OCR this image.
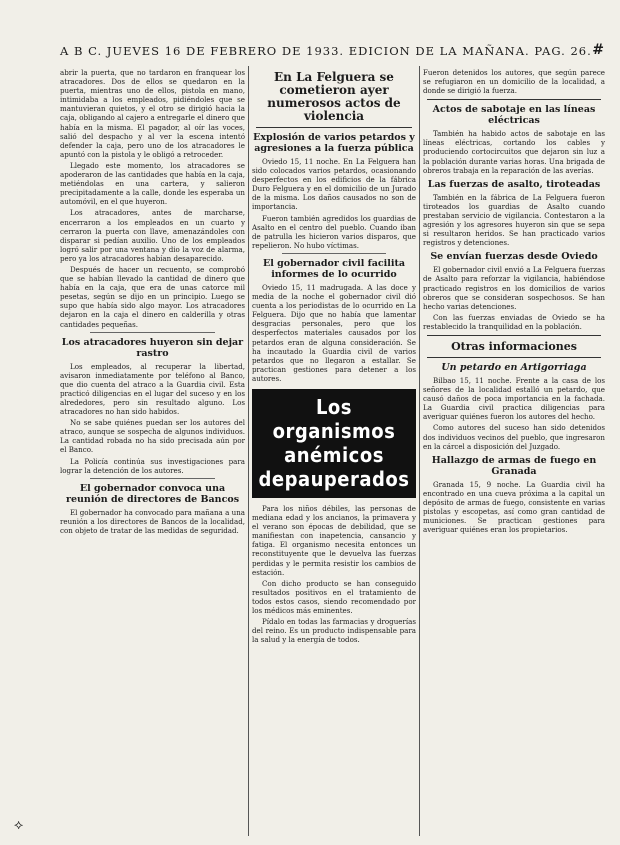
A B C. JUEVES 16 DE FEBRERO DE 1933. EDICION DE LA MAÑANA. PAG. 26. #

abrir la puerta, que no tardaron en franquear los atracadores. Dos de ellos se quedaron en la puerta, mientras uno de ellos, pistola en mano, intimidaba a los empleados, pidiéndoles que se mantuvieran quietos, y el otro se dirigió hacia la caja, obligando al cajero a entregarle el dinero que había en la misma. El pagador, al oír las voces, salió del despacho y al ver la escena intentó defender la caja, pero uno de los atracadores le apuntó con la pistola y le obligó a retroceder.

Llegado este momento, los atracadores se apoderaron de las cantidades que había en la caja, metiéndolas en una cartera, y salieron precipitadamente a la calle, donde les esperaba un automóvil, en el que huyeron.

Los atracadores, antes de marcharse, encerraron a los empleados en un cuarto y cerraron la puerta con llave, amenazándoles con disparar si pedían auxilio. Uno de los empleados logró salir por una ventana y dio la voz de alarma, pero ya los atracadores habían desaparecido.

Después de hacer un recuento, se comprobó que se habían llevado la cantidad de dinero que había en la caja, que era de unas catorce mil pesetas, según se dijo en un principio. Luego se supo que había sido algo mayor. Los atracadores dejaron en la caja el dinero en calderilla y otras cantidades pequeñas.

Los atracadores huyeron sin dejar rastro

Los empleados, al recuperar la libertad, avisaron inmediatamente por teléfono al Banco, que dio cuenta del atraco a la Guardia civil. Esta practicó diligencias en el lugar del suceso y en los alrededores, pero sin resultado alguno. Los atracadores no han sido habidos.

No se sabe quiénes puedan ser los autores del atraco, aunque se sospecha de algunos individuos. La cantidad robada no ha sido precisada aún por el Banco.

La Policía continúa sus investigaciones para lograr la detención de los autores.

El gobernador convoca una reunión de directores de Bancos

El gobernador ha convocado para mañana a una reunión a los directores de Bancos de la localidad, con objeto de tratar de las medidas de seguridad.

En La Felguera se cometieron ayer numerosos actos de violencia
Explosión de varios petardos y agresiones a la fuerza pública

Oviedo 15, 11 noche. En La Felguera han sido colocados varios petardos, ocasionando desperfectos en los edificios de la fábrica Duro Felguera y en el domicilio de un Jurado de la misma. Los daños causados no son de importancia.

Fueron también agredidos los guardias de Asalto en el centro del pueblo. Cuando iban de patrulla les hicieron varios disparos, que repelieron. No hubo víctimas.

El gobernador civil facilita informes de lo ocurrido

Oviedo 15, 11 madrugada. A las doce y media de la noche el gobernador civil dió cuenta a los periodistas de lo ocurrido en La Felguera. Dijo que no había que lamentar desgracias personales, pero que los desperfectos materiales causados por los petardos eran de alguna consideración. Se ha incautado la Guardia civil de varios petardos que no llegaron a estallar. Se practican gestiones para detener a los autores.

Los organismos anémicos depauperados

Para los niños débiles, las personas de mediana edad y los ancianos, la primavera y el verano son épocas de debilidad, que se manifiestan con inapetencia, cansancio y fatiga. El organismo necesita entonces un reconstituyente que le devuelva las fuerzas perdidas y le permita resistir los cambios de estación.

Con dicho producto se han conseguido resultados positivos en el tratamiento de todos estos casos, siendo recomendado por los médicos más eminentes.

Pídalo en todas las farmacias y droguerías del reino. Es un producto indispensable para la salud y la energía de todos.

Fueron detenidos los autores, que según parece se refugiaron en un domicilio de la localidad, a donde se dirigió la fuerza.

Actos de sabotaje en las líneas eléctricas

También ha habido actos de sabotaje en las líneas eléctricas, cortando los cables y produciendo cortocircuitos que dejaron sin luz a la población durante varias horas. Una brigada de obreros trabaja en la reparación de las averías.

Las fuerzas de asalto, tiroteadas

También en la fábrica de La Felguera fueron tiroteados los guardias de Asalto cuando prestaban servicio de vigilancia. Contestaron a la agresión y los agresores huyeron sin que se sepa si resultaron heridos. Se han practicado varios registros y detenciones.

Se envían fuerzas desde Oviedo

El gobernador civil envió a La Felguera fuerzas de Asalto para reforzar la vigilancia, habiéndose practicado registros en los domicilios de varios obreros que se consideran sospechosos. Se han hecho varias detenciones.

Con las fuerzas enviadas de Oviedo se ha restablecido la tranquilidad en la población.

Otras informaciones
Un petardo en Artigorriaga

Bilbao 15, 11 noche. Frente a la casa de los señores de la localidad estalló un petardo, que causó daños de poca importancia en la fachada. La Guardia civil practica diligencias para averiguar quiénes fueron los autores del hecho.

Como autores del suceso han sido detenidos dos individuos vecinos del pueblo, que ingresaron en la cárcel a disposición del Juzgado.

Hallazgo de armas de fuego en Granada

Granada 15, 9 noche. La Guardia civil ha encontrado en una cueva próxima a la capital un depósito de armas de fuego, consistente en varias pistolas y escopetas, así como gran cantidad de municiones. Se practican gestiones para averiguar quiénes eran los propietarios.

⟡
